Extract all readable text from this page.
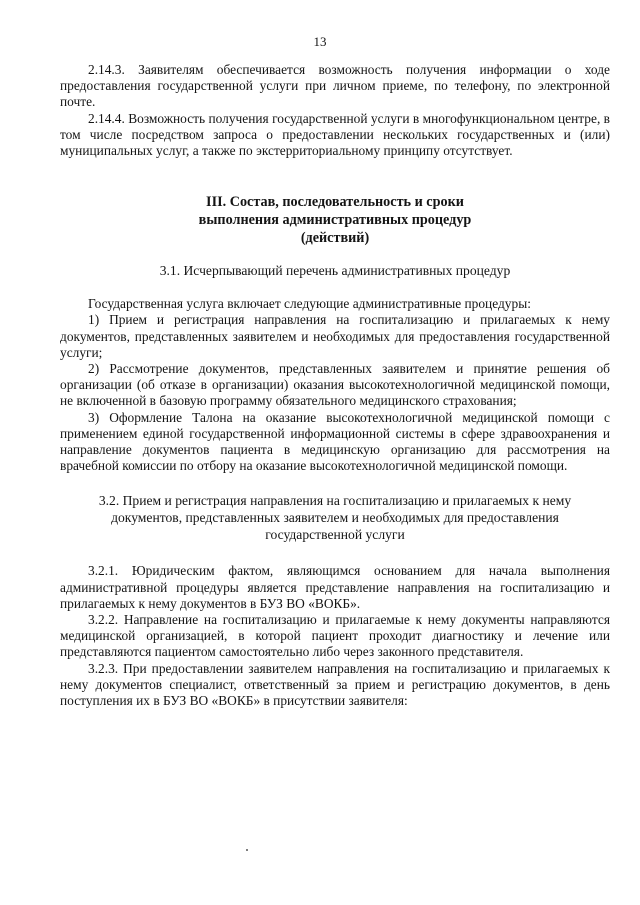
13

2.14.3. Заявителям обеспечивается возможность получения информации о ходе предоставления государственной услуги при личном приеме, по телефону, по электронной почте.

2.14.4. Возможность получения государственной услуги в многофункциональном центре, в том числе посредством запроса о предоставлении нескольких государственных и (или) муниципальных услуг, а также по экстерриториальному принципу отсутствует.

III. Состав, последовательность и сроки

выполнения административных процедур

(действий)

3.1. Исчерпывающий перечень административных процедур

Государственная услуга включает следующие административные процедуры:

1) Прием и регистрация направления на госпитализацию и прилагаемых к нему документов, представленных заявителем и необходимых для предоставления государственной услуги;

2) Рассмотрение документов, представленных заявителем и принятие решения об организации (об отказе в организации) оказания высокотехнологичной медицинской помощи, не включенной в базовую программу обязательного медицинского страхования;

3) Оформление Талона на оказание высокотехнологичной медицинской помощи с применением единой государственной информационной системы в сфере здравоохранения и направление документов пациента в медицинскую организацию для рассмотрения на врачебной комиссии по отбору на оказание высокотехнологичной медицинской помощи.

3.2. Прием и регистрация направления на госпитализацию и прилагаемых к нему документов, представленных заявителем и необходимых для предоставления государственной услуги

3.2.1. Юридическим фактом, являющимся основанием для начала выполнения административной процедуры является представление направления на госпитализацию и прилагаемых к нему документов в БУЗ ВО «ВОКБ».

3.2.2. Направление на госпитализацию и прилагаемые к нему документы направляются медицинской организацией, в которой пациент проходит диагностику и лечение или представляются пациентом самостоятельно либо через законного представителя.

3.2.3. При предоставлении заявителем направления на госпитализацию и прилагаемых к нему документов специалист, ответственный за прием и регистрацию документов, в день поступления их в БУЗ ВО «ВОКБ» в присутствии заявителя:
